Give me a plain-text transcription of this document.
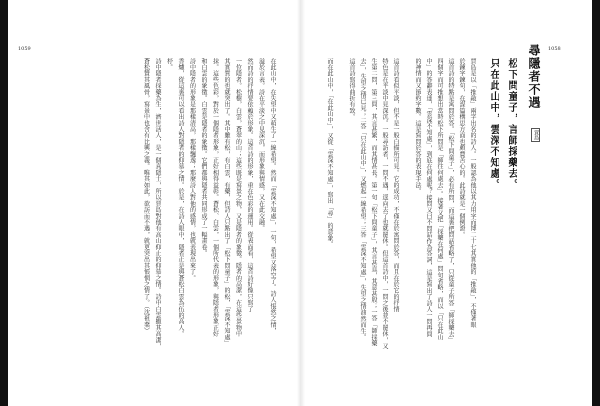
1059	1058
尋隱者不遇
賈島
松下問童子，言師採藥去。
只在此山中，雲深不知處。
賈島是以「推敲」兩字出名的詩人。一般認為他以其力用字而博二十七其實他的「推敲」，不僅著眼
於鍊字鍊句，在謀篇構思方面也頗費苦心的。此詩就是一個例證。
這首詩的特點是寓問於答。「松下問童子」，必有所問，而這裏把問話省略了，只從童子所答「師採藥去」
四個字而可推想出當時松下所問是「師往何處去」。接著又把「採藥在何處」問句省略，而以「只在此山
中」的答辭表達，「雲深不知處」，到底在何處呢？接問又曰不問詰作為答詞，這是寫出了詩人一問再問
的神情而又節約字數。這是寫問於答的表現手法。
這首詩看似平淡，但不是一般白描所可見。它的成功，不僅在於寓問於答，而且在於它的抒情
特色是在平淡中見深沉。一般尋訪者，一問不遇，逕向去了也就罷休。但這首詩中，一問之後並不罷休，又
生第二問，第三問，其言甚繁，而其情甚長。第一句「松下問童子」，其言甚直，其意甚殷；一答「師採藥
去」，失望之情已見；二答「只在此山中」，又燃起一線希望；三答「雲深不知處」，失望之情油然而生。
這首詩寫得曲折有致。
而在此山中，「在此山中」，又從「雲深不知處」，寫出「尋」的意象。
在此山中，在失望中又萌生了一線希望。然而「雲深不知處」，一句，希望又落空了。詩人悵然之情，
溢於言表。詩在平淡之中見深沉，而形象與情感，又在此交融。
然而詩的抒情要依賴於形象。這首詩的形象，重在色彩的運用。從表面看，這首詩好像只寫了
一位隱者。松樹，白雲，蒼翠的山；這些既是寫景之物，又是隱者的象徵。隱者的高潔，在這些景物中
其實質的也就突出了。其中雖有松，有白雲，有藥，但詩人只點出了「松下問童子」的松，「雲深不知處」
抹。這些色彩，對於一個隱者形象，正好相得益彰。蒼松、白雲，一個所代表的形象，與隱者形象正好
和白雲的象徵。白雲是隱者的象徵。它們都與隱者共同形成了一幅畫卷。
詩中隱者的形象是那樣清高，那樣飄逸；那麼詩人對他的感情，也就表現出來了。
香爐，從這裏可以看出詩人對隱者的仰慕之情。於是，在詩人眼中，隱者正是與蒼松白雲為伍的高人。
杼。
詩中隱者採藥為生，濟世活人，是一個真隱士，所以賈島對他有高山仰止的仰慕之情。詩中白雲顯其高潔，
蒼松贊其風骨，寫景中也含有比興之義。唯其如此，欲訪而不遇，就更突出其悵惘之情了。（沈祖棻）
